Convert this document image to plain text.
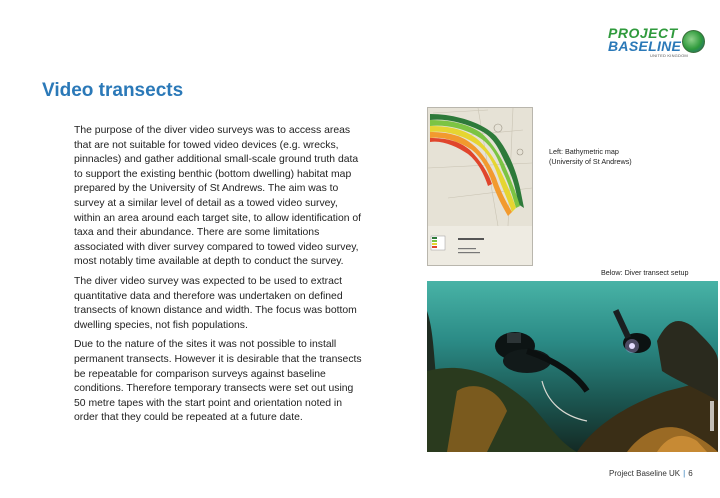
PROJECT
BASELINE
UNITED KINGDOM
Video transects

The purpose of the diver video surveys was to access areas that are not suitable for towed video devices (e.g. wrecks, pinnacles) and gather additional small-scale ground truth data to support the existing benthic (bottom dwelling) habitat map prepared by the University of St Andrews. The aim was to survey at a similar level of detail as a towed video survey, within an area around each target site, to allow identification of taxa and their abundance. There are some limitations associated with diver survey compared to towed video survey, most notably time available at depth to conduct the survey.

The diver video survey was expected to be used to extract quantitative data and therefore was undertaken on defined transects of known distance and width. The focus was bottom dwelling species, not fish populations.

Due to the nature of the sites it was not possible to install permanent transects. However it is desirable that the transects be repeatable for comparison surveys against baseline conditions. Therefore temporary transects were set out using 50 metre tapes with the start point and orientation noted in order that they could be repeated at a future date.

Left: Bathymetric map
(University of St Andrews)
Below: Diver transect setup
Project Baseline UK | 6
